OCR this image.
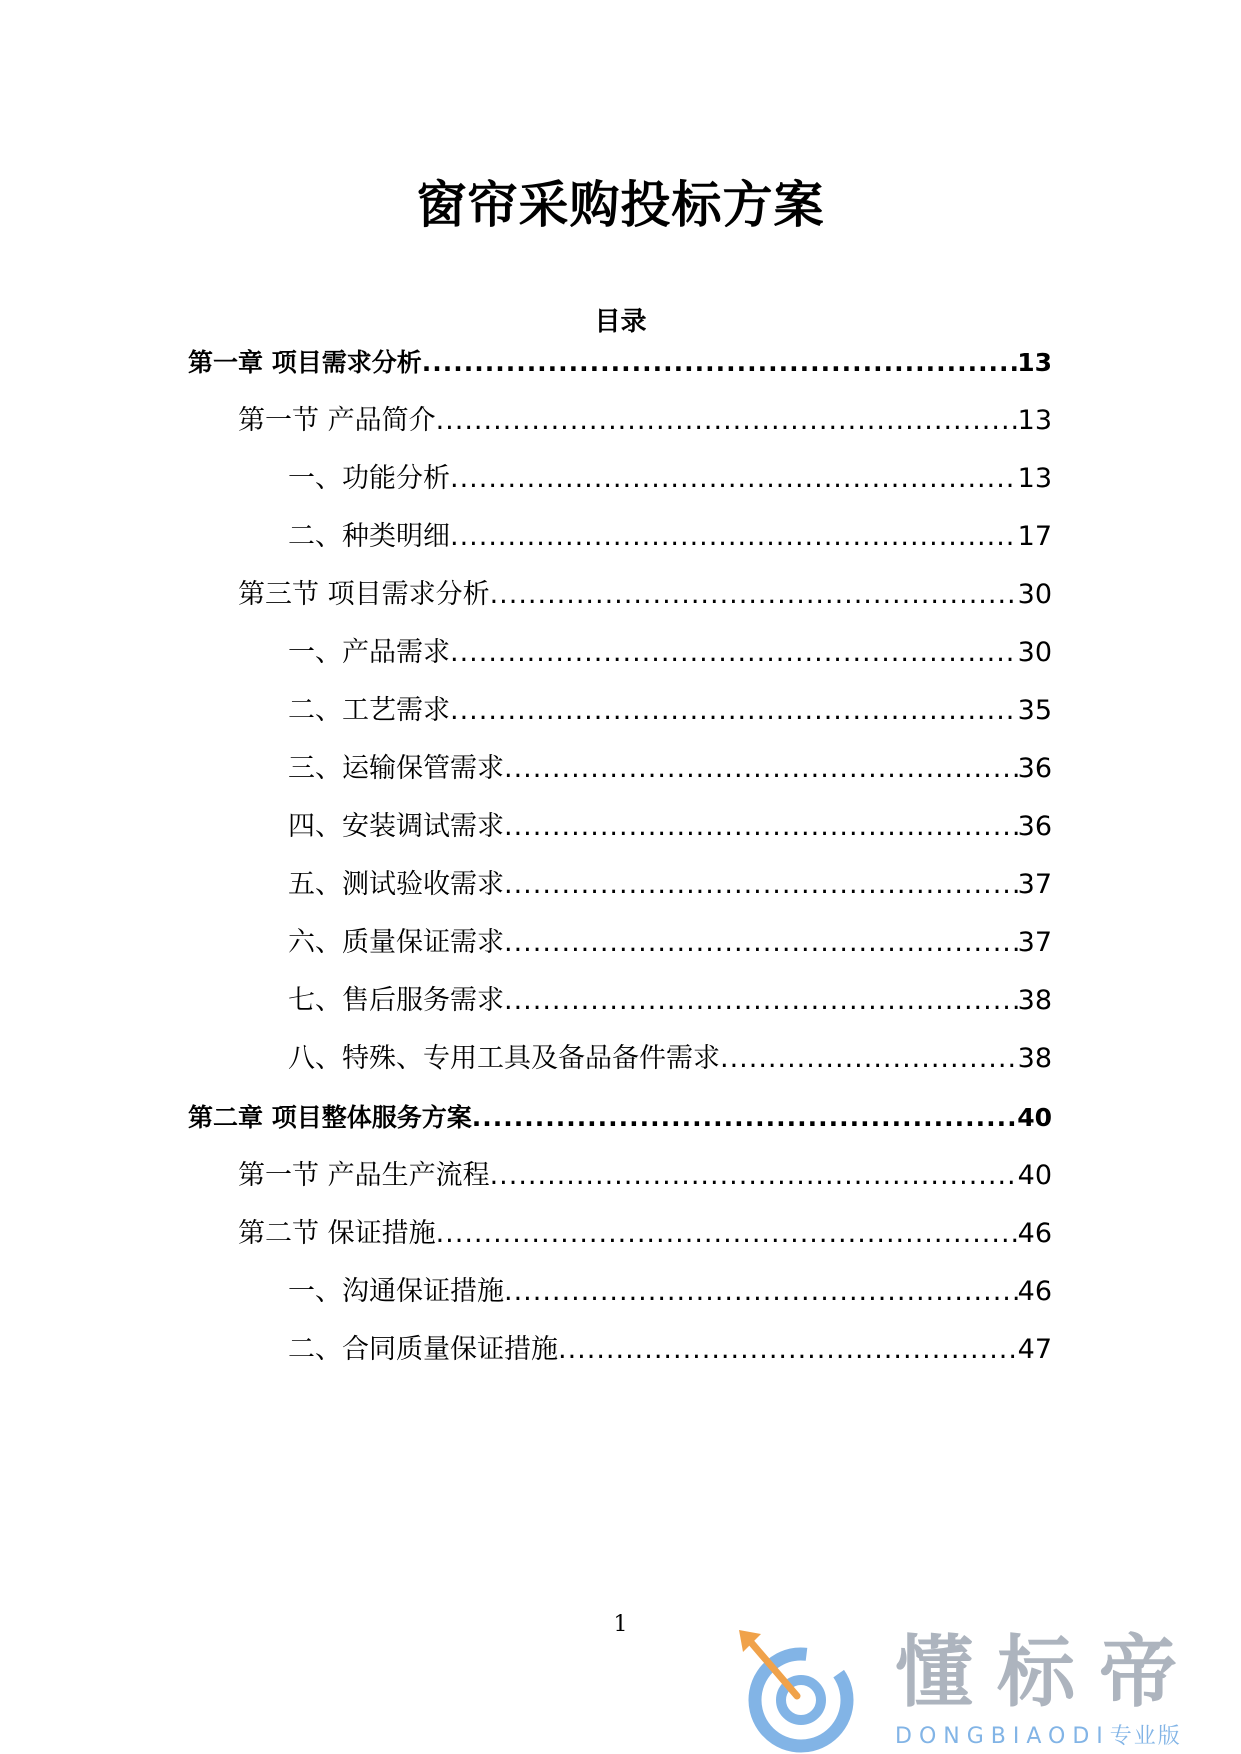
窗帘采购投标方案
目录
第一章 项目需求分析 .....	13
第一节 产品简介 .....	13
一、功能分析 .....	13
二、种类明细 .....	17
第三节 项目需求分析 .....	30
一、产品需求 .....	30
二、工艺需求 .....	35
三、运输保管需求 .....	36
四、安装调试需求 .....	36
五、测试验收需求 .....	37
六、质量保证需求 .....	37
七、售后服务需求 .....	38
八、特殊、专用工具及备品备件需求 .....	38
第二章 项目整体服务方案 .....	40
第一节 产品生产流程 .....	40
第二节 保证措施 .....	46
一、沟通保证措施 .....	46
二、合同质量保证措施 .....	47
1
懂标帝
DONGBIAODI专业版
